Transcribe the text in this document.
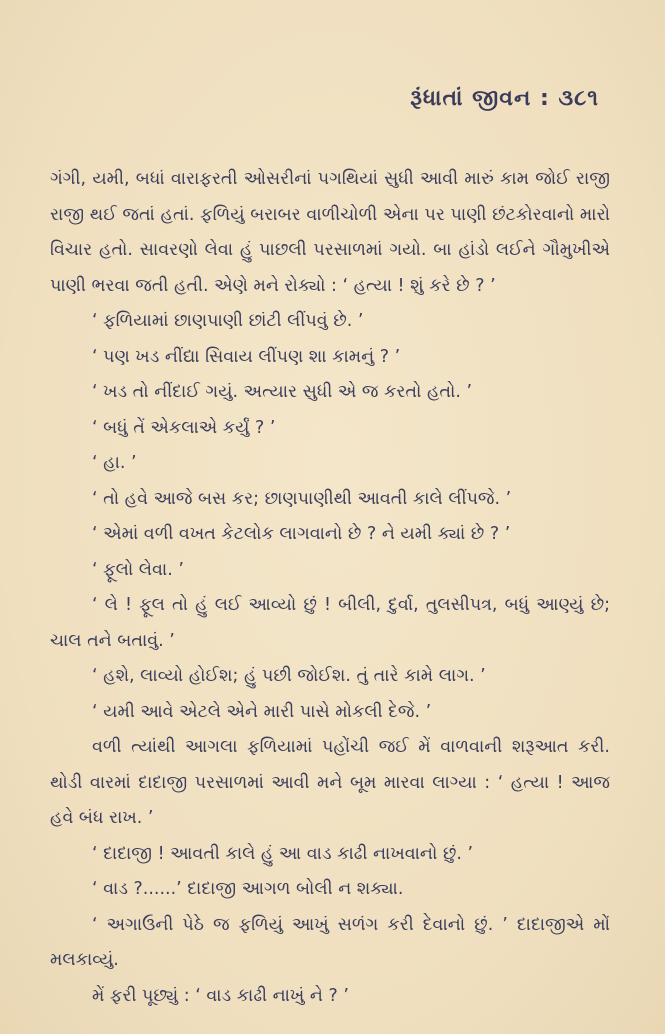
રૂંધાતાં જીવન : ૩૮૧

ગંગી, યમી, બધાં વારાફરતી ઓસરીનાં પગથિયાં સુધી આવી મારું કામ જોઈ રાજી રાજી થઈ જતાં હતાં. ફળિયું બરાબર વાળીચોળી એના પર પાણી છંટકોરવાનો મારો વિચાર હતો. સાવરણો લેવા હું પાછલી પરસાળમાં ગયો. બા હાંડો લઈને ગૌમુખીએ પાણી ભરવા જતી હતી. એણે મને રોક્યો : ‘ હત્યા ! શું કરે છે ? ’

‘ ફળિયામાં છાણપાણી છાંટી લીંપવું છે. ’

‘ પણ ખડ નીંદ્યા સિવાય લીંપણ શા કામનું ? ’

‘ ખડ તો નીંદાઈ ગયું. અત્યાર સુધી એ જ કરતો હતો. ’

‘ બધું તેં એકલાએ કર્યું ? ’

‘ હા. ’

‘ તો હવે આજે બસ કર; છાણપાણીથી આવતી કાલે લીંપજે. ’

‘ એમાં વળી વખત કેટલોક લાગવાનો છે ? ને યમી ક્યાં છે ? ’

‘ ફૂલો લેવા. ’

‘ લે ! ફૂલ તો હું લઈ આવ્યો છું ! બીલી, દુર્વા, તુલસીપત્ર, બધું આણ્યું છે; ચાલ તને બતાવું. ’

‘ હશે, લાવ્યો હોઈશ; હું પછી જોઈશ. તું તારે કામે લાગ. ’

‘ યમી આવે એટલે એને મારી પાસે મોકલી દેજે. ’

વળી ત્યાંથી આગલા ફળિયામાં પહોંચી જઈ મેં વાળવાની શરૂઆત કરી. થોડી વારમાં દાદાજી પરસાળમાં આવી મને બૂમ મારવા લાગ્યા : ‘ હત્યા ! આજ હવે બંધ રાખ. ’

‘ દાદાજી ! આવતી કાલે હું આ વાડ કાઢી નાખવાનો છું. ’

‘ વાડ ?......’ દાદાજી આગળ બોલી ન શક્યા.

‘ અગાઉની પેઠે જ ફળિયું આખું સળંગ કરી દેવાનો છું. ’ દાદાજીએ મોં મલકાવ્યું.

મેં ફરી પૂછ્યું : ‘ વાડ કાઢી નાખું ને ? ’
